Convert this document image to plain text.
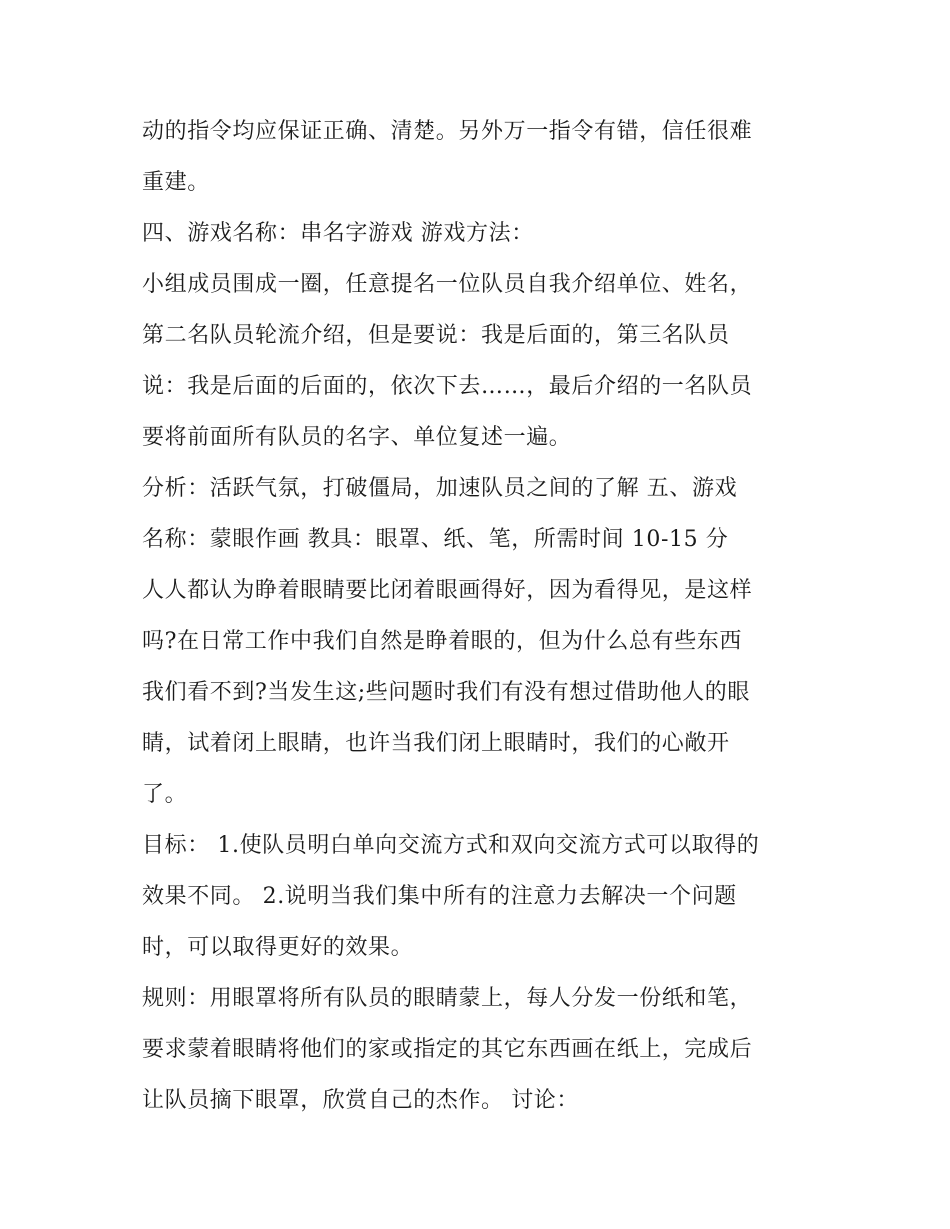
动的指令均应保证正确、清楚。另外万一指令有错，信任很难
重建。
四、游戏名称：串名字游戏 游戏方法：
小组成员围成一圈，任意提名一位队员自我介绍单位、姓名，
第二名队员轮流介绍，但是要说：我是后面的，第三名队员
说：我是后面的后面的，依次下去……，最后介绍的一名队员
要将前面所有队员的名字、单位复述一遍。
分析：活跃气氛，打破僵局，加速队员之间的了解 五、游戏
名称：蒙眼作画 教具：眼罩、纸、笔，所需时间 10-15 分
人人都认为睁着眼睛要比闭着眼画得好，因为看得见，是这样
吗?在日常工作中我们自然是睁着眼的，但为什么总有些东西
我们看不到?当发生这;些问题时我们有没有想过借助他人的眼
睛，试着闭上眼睛，也许当我们闭上眼睛时，我们的心敞开
了。
目标： 1.使队员明白单向交流方式和双向交流方式可以取得的
效果不同。 2.说明当我们集中所有的注意力去解决一个问题
时，可以取得更好的效果。
规则：用眼罩将所有队员的眼睛蒙上，每人分发一份纸和笔，
要求蒙着眼睛将他们的家或指定的其它东西画在纸上，完成后
让队员摘下眼罩，欣赏自己的杰作。 讨论：
